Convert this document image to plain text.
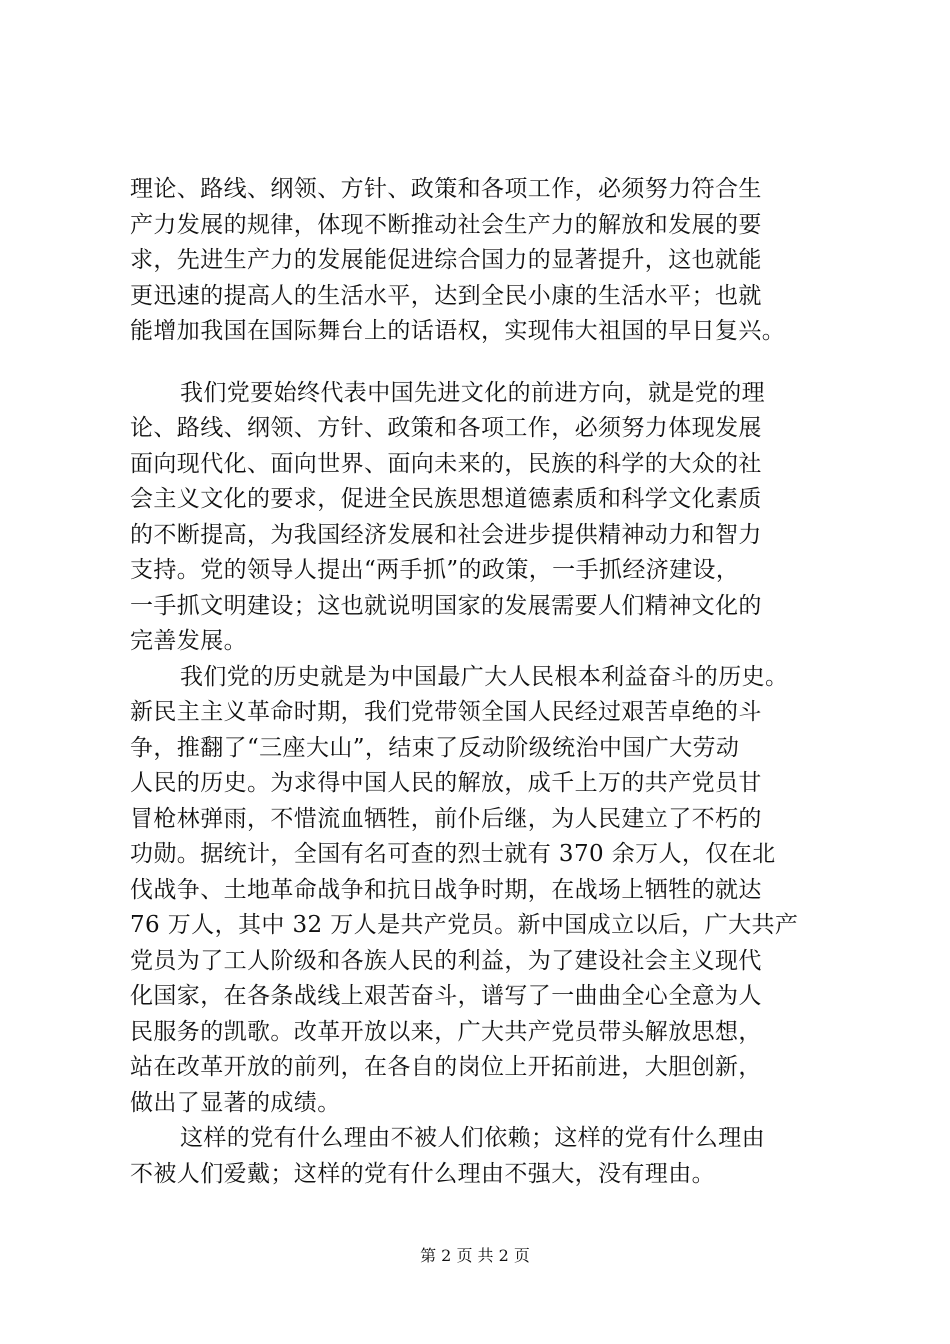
理论、路线、纲领、方针、政策和各项工作，必须努力符合生
产力发展的规律，体现不断推动社会生产力的解放和发展的要
求，先进生产力的发展能促进综合国力的显著提升，这也就能
更迅速的提高人的生活水平，达到全民小康的生活水平；也就
能增加我国在国际舞台上的话语权，实现伟大祖国的早日复兴。

我们党要始终代表中国先进文化的前进方向，就是党的理
论、路线、纲领、方针、政策和各项工作，必须努力体现发展
面向现代化、面向世界、面向未来的，民族的科学的大众的社
会主义文化的要求，促进全民族思想道德素质和科学文化素质
的不断提高，为我国经济发展和社会进步提供精神动力和智力
支持。党的领导人提出“两手抓”的政策，一手抓经济建设，
一手抓文明建设；这也就说明国家的发展需要人们精神文化的
完善发展。

我们党的历史就是为中国最广大人民根本利益奋斗的历史。
新民主主义革命时期，我们党带领全国人民经过艰苦卓绝的斗
争，推翻了“三座大山”，结束了反动阶级统治中国广大劳动
人民的历史。为求得中国人民的解放，成千上万的共产党员甘
冒枪林弹雨，不惜流血牺牲，前仆后继，为人民建立了不朽的
功勋。据统计，全国有名可查的烈士就有 370 余万人，仅在北
伐战争、土地革命战争和抗日战争时期，在战场上牺牲的就达
76 万人，其中 32 万人是共产党员。新中国成立以后，广大共产
党员为了工人阶级和各族人民的利益，为了建设社会主义现代
化国家，在各条战线上艰苦奋斗，谱写了一曲曲全心全意为人
民服务的凯歌。改革开放以来，广大共产党员带头解放思想，
站在改革开放的前列，在各自的岗位上开拓前进，大胆创新，
做出了显著的成绩。

这样的党有什么理由不被人们依赖；这样的党有什么理由
不被人们爱戴；这样的党有什么理由不强大，没有理由。

第 2 页 共 2 页
